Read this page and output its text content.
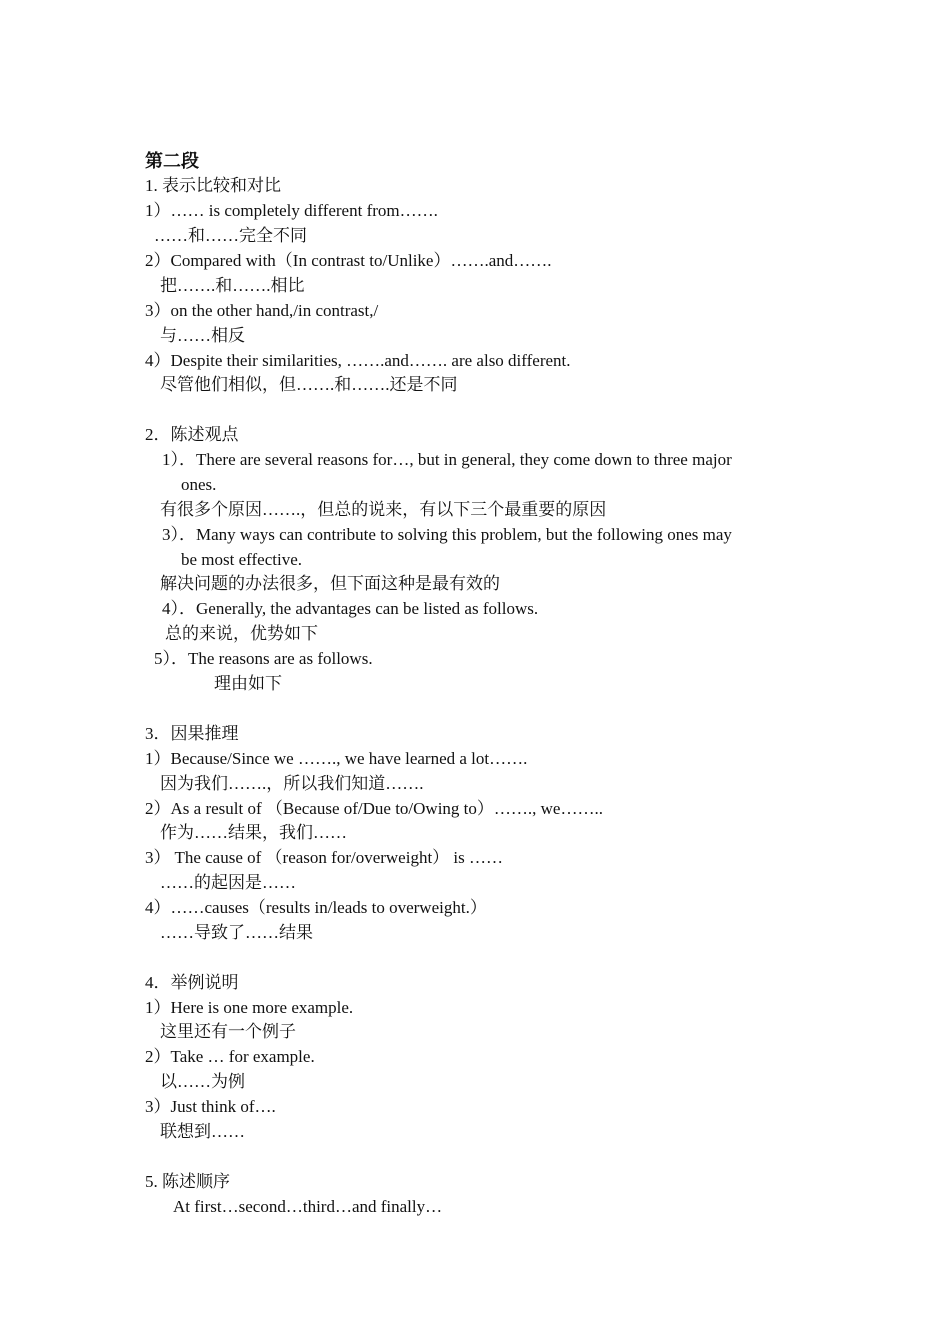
第二段
1. 表示比较和对比
1）…… is completely different from…….
……和……完全不同
2）Compared with（In contrast to/Unlike）…….and…….
把…….和…….相比
3）on the other hand,/in contrast,/
与……相反
4）Despite their similarities, …….and……. are also different.
尽管他们相似，但…….和…….还是不同
2．陈述观点
1）．There are several reasons for…, but in general, they come down to three major
ones.
有很多个原因…….，但总的说来，有以下三个最重要的原因
3）．Many ways can contribute to solving this problem, but the following ones may
be most effective.
解决问题的办法很多，但下面这种是最有效的
4）．Generally, the advantages can be listed as follows.
总的来说，优势如下
5）．The reasons are as follows.
理由如下
3．因果推理
1）Because/Since we ……., we have learned a lot…….
因为我们…….，所以我们知道…….
2）As a result of （Because of/Due to/Owing to）……., we……..
作为……结果，我们……
3） The cause of （reason for/overweight） is ……
……的起因是……
4）……causes（results in/leads to overweight.）
……导致了……结果
4．举例说明
1）Here is one more example.
这里还有一个例子
2）Take … for example.
以……为例
3）Just think of….
联想到……
5. 陈述顺序
At first…second…third…and finally…
